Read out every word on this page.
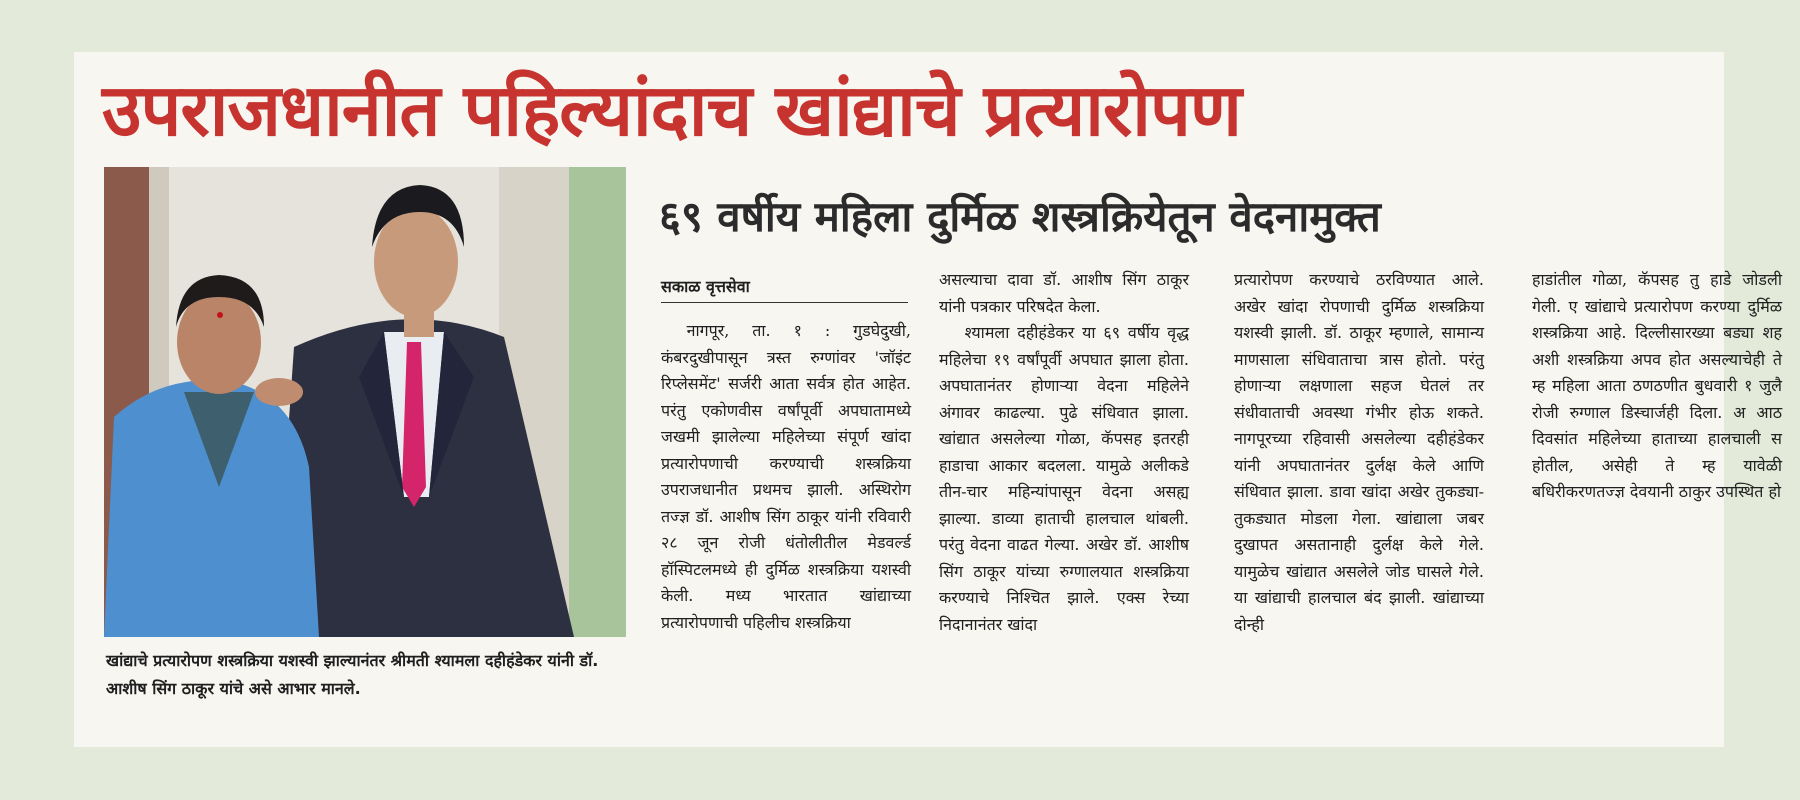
उपराजधानीत पहिल्यांदाच खांद्याचे प्रत्यारोपण
खांद्याचे प्रत्यारोपण शस्त्रक्रिया यशस्वी झाल्यानंतर श्रीमती श्यामला दहीहंडेकर यांनी डॉ. आशीष सिंग ठाकूर यांचे असे आभार मानले.
६९ वर्षीय महिला दुर्मिळ शस्त्रक्रियेतून वेदनामुक्त
सकाळ वृत्तसेवा

नागपूर, ता. १ : गुडघेदुखी, कंबरदुखीपासून त्रस्त रुग्णांवर 'जॉइंट रिप्लेसमेंट' सर्जरी आता सर्वत्र होत आहेत. परंतु एकोणवीस वर्षांपूर्वी अपघातामध्ये जखमी झालेल्या महिलेच्या संपूर्ण खांदा प्रत्यारोपणाची करण्याची शस्त्रक्रिया उपराजधानीत प्रथमच झाली. अस्थिरोग तज्ज्ञ डॉ. आशीष सिंग ठाकूर यांनी रविवारी २८ जून रोजी धंतोलीतील मेडवर्ल्ड हॉस्पिटलमध्ये ही दुर्मिळ शस्त्रक्रिया यशस्वी केली. मध्य भारतात खांद्याच्या प्रत्यारोपणाची पहिलीच शस्त्रक्रिया

असल्याचा दावा डॉ. आशीष सिंग ठाकूर यांनी पत्रकार परिषदेत केला.

श्यामला दहीहंडेकर या ६९ वर्षीय वृद्ध महिलेचा १९ वर्षांपूर्वी अपघात झाला होता. अपघातानंतर होणाऱ्या वेदना महिलेने अंगावर काढल्या. पुढे संधिवात झाला. खांद्यात असलेल्या गोळा, कॅपसह इतरही हाडाचा आकार बदलला. यामुळे अलीकडे तीन-चार महिन्यांपासून वेदना असह्य झाल्या. डाव्या हाताची हालचाल थांबली. परंतु वेदना वाढत गेल्या. अखेर डॉ. आशीष सिंग ठाकूर यांच्या रुग्णालयात शस्त्रक्रिया करण्याचे निश्चित झाले. एक्स रेच्या निदानानंतर खांदा

प्रत्यारोपण करण्याचे ठरविण्यात आले. अखेर खांदा रोपणाची दुर्मिळ शस्त्रक्रिया यशस्वी झाली. डॉ. ठाकूर म्हणाले, सामान्य माणसाला संधिवाताचा त्रास होतो. परंतु होणाऱ्या लक्षणाला सहज घेतलं तर संधीवाताची अवस्था गंभीर होऊ शकते. नागपूरच्या रहिवासी असलेल्या दहीहंडेकर यांनी अपघातानंतर दुर्लक्ष केले आणि संधिवात झाला. डावा खांदा अखेर तुकड्या-तुकड्यात मोडला गेला. खांद्याला जबर दुखापत असतानाही दुर्लक्ष केले गेले. यामुळेच खांद्यात असलेले जोड घासले गेले. या खांद्याची हालचाल बंद झाली. खांद्याच्या दोन्ही

हाडांतील गोळा, कॅपसह तु हाडे जोडली गेली. ए खांद्याचे प्रत्यारोपण करण्या दुर्मिळ शस्त्रक्रिया आहे. दिल्लीसारख्या बड्या शह अशी शस्त्रक्रिया अपव होत असल्याचेही ते म्ह महिला आता ठणठणीत बुधवारी १ जुलै रोजी रुग्णाल डिस्चार्जही दिला. अ आठ दिवसांत महिलेच्या हाताच्या हालचाली स होतील, असेही ते म्ह यावेळी बधिरीकरणतज्ज्ञ देवयानी ठाकुर उपस्थित हो
